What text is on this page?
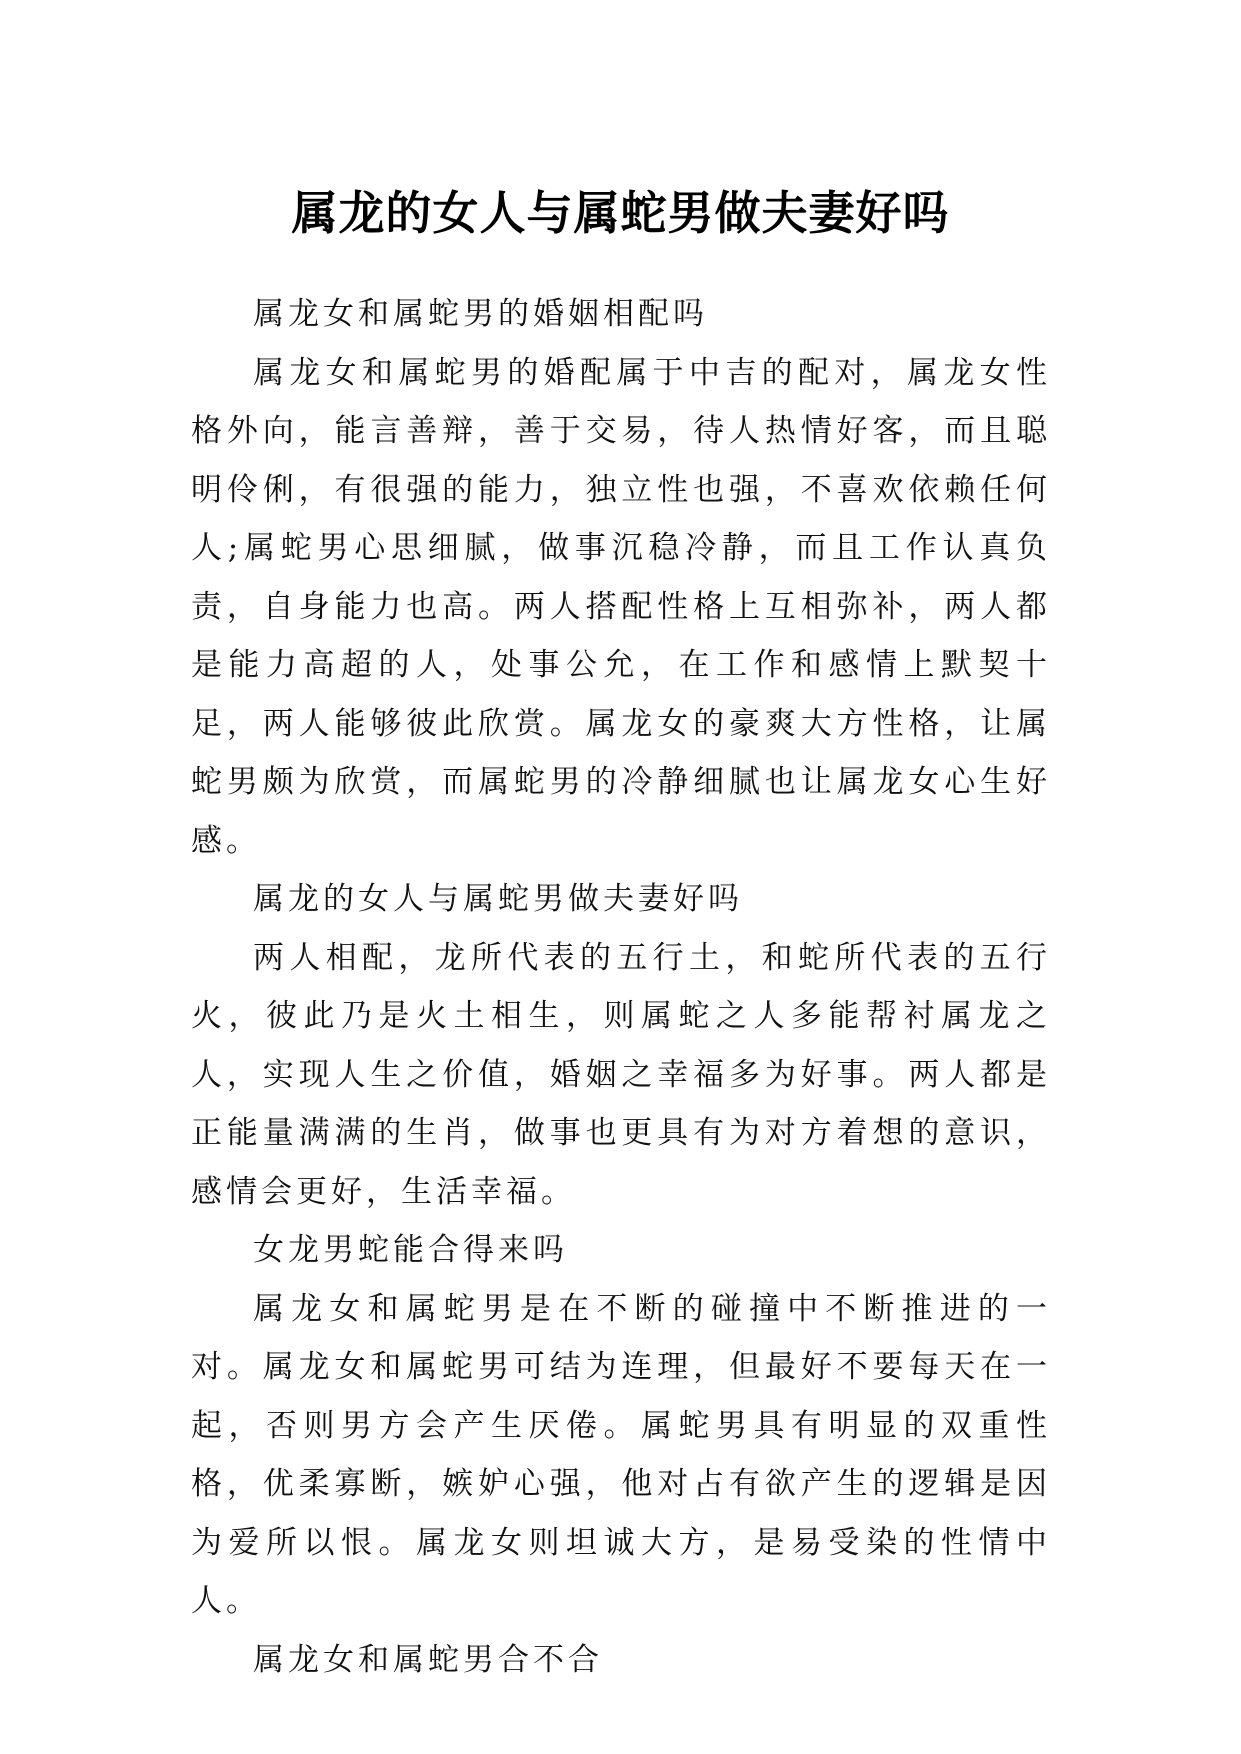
属龙的女人与属蛇男做夫妻好吗

属龙女和属蛇男的婚姻相配吗

属龙女和属蛇男的婚配属于中吉的配对，属龙女性格外向，能言善辩，善于交易，待人热情好客，而且聪明伶俐，有很强的能力，独立性也强，不喜欢依赖任何人;属蛇男心思细腻，做事沉稳冷静，而且工作认真负责，自身能力也高。两人搭配性格上互相弥补，两人都是能力高超的人，处事公允，在工作和感情上默契十足，两人能够彼此欣赏。属龙女的豪爽大方性格，让属蛇男颇为欣赏，而属蛇男的冷静细腻也让属龙女心生好感。

属龙的女人与属蛇男做夫妻好吗

两人相配，龙所代表的五行土，和蛇所代表的五行火，彼此乃是火土相生，则属蛇之人多能帮衬属龙之人，实现人生之价值，婚姻之幸福多为好事。两人都是正能量满满的生肖，做事也更具有为对方着想的意识，感情会更好，生活幸福。

女龙男蛇能合得来吗

属龙女和属蛇男是在不断的碰撞中不断推进的一对。属龙女和属蛇男可结为连理，但最好不要每天在一起，否则男方会产生厌倦。属蛇男具有明显的双重性格，优柔寡断，嫉妒心强，他对占有欲产生的逻辑是因为爱所以恨。属龙女则坦诚大方，是易受染的性情中人。

属龙女和属蛇男合不合
